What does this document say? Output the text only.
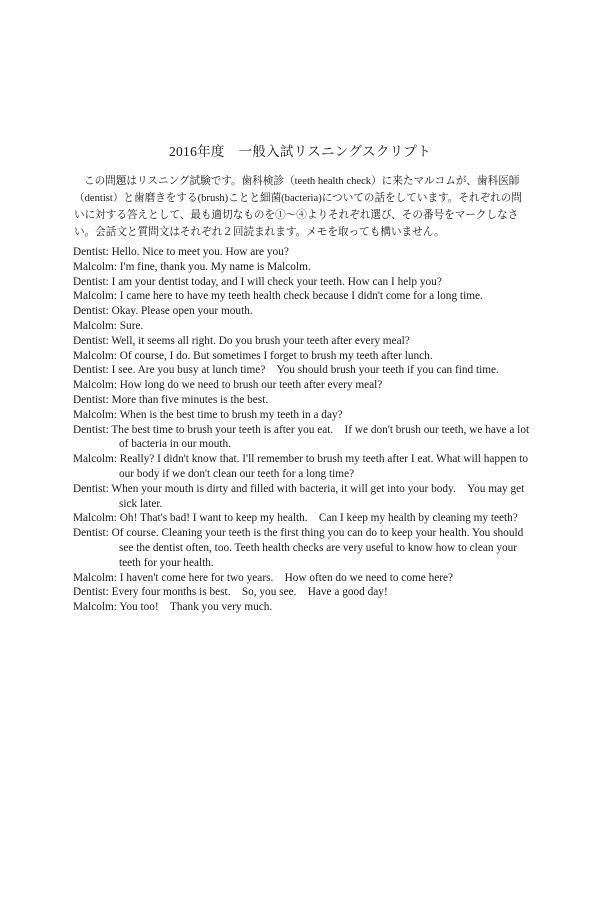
2016年度　一般入試リスニングスクリプト
この問題はリスニング試験です。歯科検診（teeth health check）に来たマルコムが、歯科医師（dentist）と歯磨きをする(brush)ことと細菌(bacteria)についての話をしています。それぞれの問いに対する答えとして、最も適切なものを①～④よりそれぞれ選び、その番号をマークしなさい。会話文と質問文はそれぞれ２回読まれます。メモを取っても構いません。
Dentist: Hello. Nice to meet you. How are you?
Malcolm: I'm fine, thank you. My name is Malcolm.
Dentist: I am your dentist today, and I will check your teeth. How can I help you?
Malcolm: I came here to have my teeth health check because I didn't come for a long time.
Dentist: Okay. Please open your mouth.
Malcolm: Sure.
Dentist: Well, it seems all right. Do you brush your teeth after every meal?
Malcolm: Of course, I do. But sometimes I forget to brush my teeth after lunch.
Dentist: I see. Are you busy at lunch time?　You should brush your teeth if you can find time.
Malcolm: How long do we need to brush our teeth after every meal?
Dentist: More than five minutes is the best.
Malcolm: When is the best time to brush my teeth in a day?
Dentist: The best time to brush your teeth is after you eat.　If we don't brush our teeth, we have a lot of bacteria in our mouth.
Malcolm: Really? I didn't know that. I'll remember to brush my teeth after I eat. What will happen to our body if we don't clean our teeth for a long time?
Dentist: When your mouth is dirty and filled with bacteria, it will get into your body.　You may get sick later.
Malcolm: Oh! That's bad! I want to keep my health.　Can I keep my health by cleaning my teeth?
Dentist: Of course. Cleaning your teeth is the first thing you can do to keep your health. You should see the dentist often, too. Teeth health checks are very useful to know how to clean your teeth for your health.
Malcolm: I haven't come here for two years.　How often do we need to come here?
Dentist: Every four months is best.　So, you see.　Have a good day!
Malcolm: You too!　Thank you very much.
